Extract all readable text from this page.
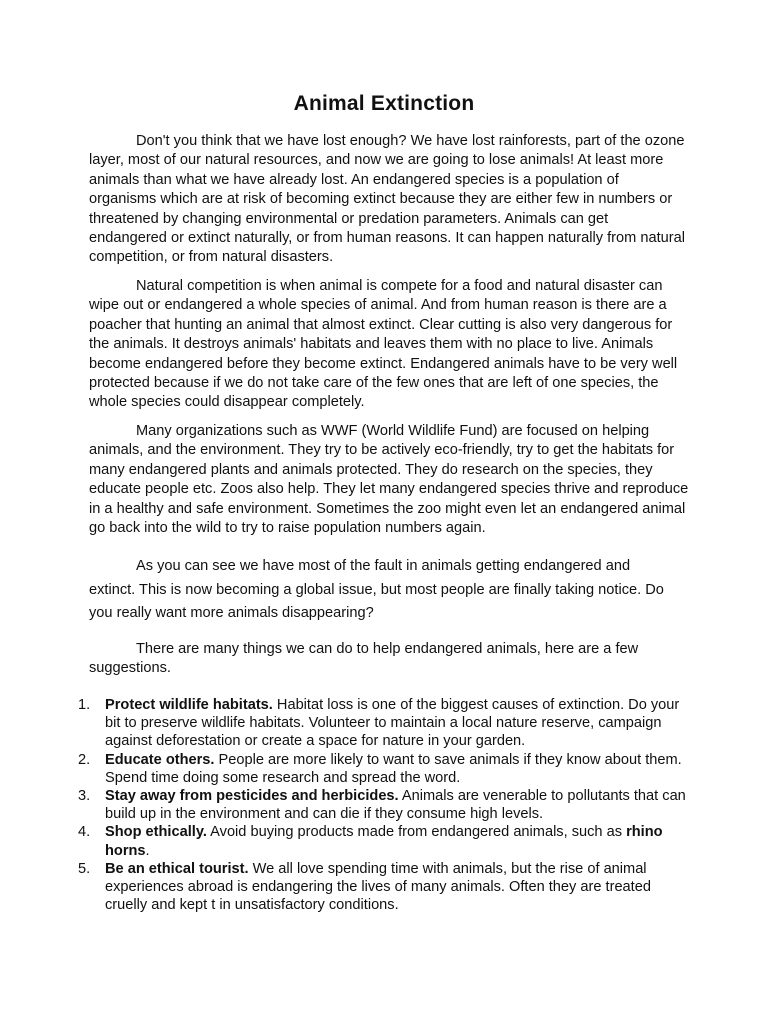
Animal Extinction

Don't you think that we have lost enough? We have lost rainforests, part of the ozone layer, most of our natural resources, and now we are going to lose animals! At least more animals than what we have already lost. An endangered species is a population of organisms which are at risk of becoming extinct because they are either few in numbers or threatened by changing environmental or predation parameters. Animals can get endangered or extinct naturally, or from human reasons. It can happen naturally from natural competition, or from natural disasters.

Natural competition is when animal is compete for a food and natural disaster can wipe out or endangered a whole species of animal. And from human reason is there are a poacher that hunting an animal that almost extinct. Clear cutting is also very dangerous for the animals. It destroys animals' habitats and leaves them with no place to live. Animals become endangered before they become extinct. Endangered animals have to be very well protected because if we do not take care of the few ones that are left of one species, the whole species could disappear completely.

Many organizations such as WWF (World Wildlife Fund) are focused on helping animals, and the environment. They try to be actively eco-friendly, try to get the habitats for many endangered plants and animals protected. They do research on the species, they educate people etc. Zoos also help. They let many endangered species thrive and reproduce in a healthy and safe environment. Sometimes the zoo might even let an endangered animal go back into the wild to try to raise population numbers again.

As you can see we have most of the fault in animals getting endangered and extinct. This is now becoming a global issue, but most people are finally taking notice. Do you really want more animals disappearing?

There are many things we can do to help endangered animals, here are a few suggestions.

1. Protect wildlife habitats. Habitat loss is one of the biggest causes of extinction. Do your bit to preserve wildlife habitats. Volunteer to maintain a local nature reserve, campaign against deforestation or create a space for nature in your garden.
2. Educate others. People are more likely to want to save animals if they know about them. Spend time doing some research and spread the word.
3. Stay away from pesticides and herbicides. Animals are venerable to pollutants that can build up in the environment and can die if they consume high levels.
4. Shop ethically. Avoid buying products made from endangered animals, such as rhino horns.
5. Be an ethical tourist. We all love spending time with animals, but the rise of animal experiences abroad is endangering the lives of many animals. Often they are treated cruelly and kept t in unsatisfactory conditions.
